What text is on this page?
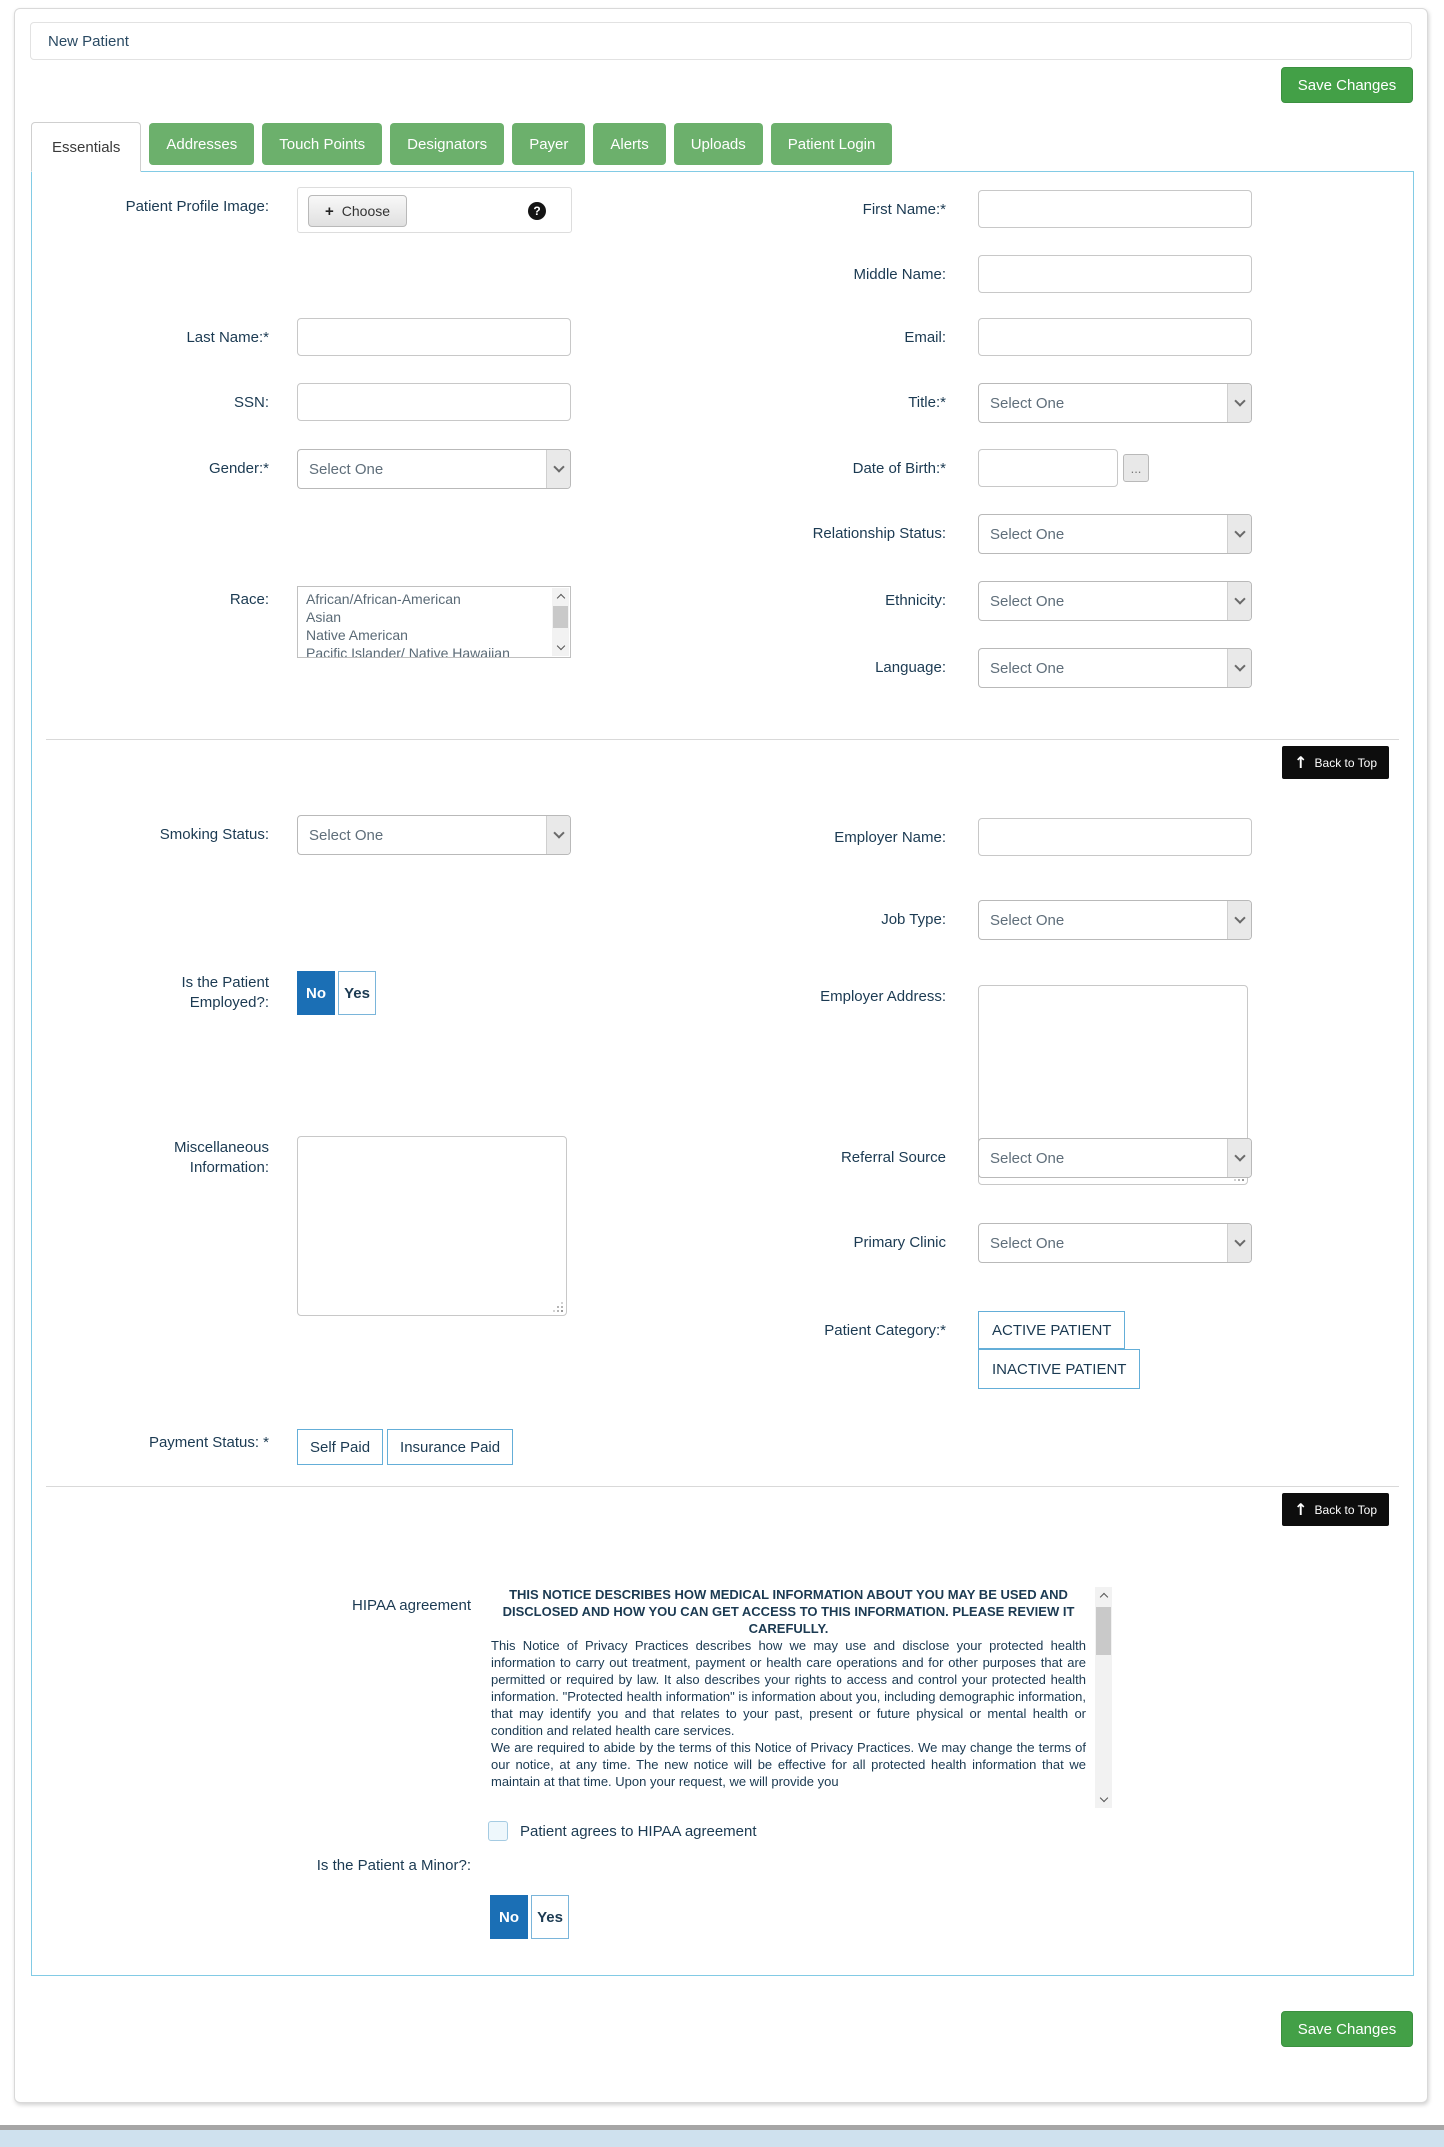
New Patient
Save Changes
Essentials	Addresses	Touch Points	Designators	Payer	Alerts	Uploads	Patient Login
Patient Profile Image:	+ Choose	?
Last Name:*
SSN:
Gender:*	Select One
Race:	African/African-American
Asian
Native American
Pacific Islander/ Native Hawaiian
First Name:*
Middle Name:
Email:
Title:*	Select One
Date of Birth:*	...
Relationship Status:	Select One
Ethnicity:	Select One
Language:	Select One
↑ Back to Top
Smoking Status:	Select One
Is the Patient Employed?:
No	Yes
Miscellaneous Information:
Payment Status: *	Self Paid	Insurance Paid
Employer Name:
Job Type:	Select One
Employer Address:
Referral Source	Select One
Primary Clinic	Select One
Patient Category:*	ACTIVE PATIENT
INACTIVE PATIENT
↑ Back to Top
HIPAA agreement

THIS NOTICE DESCRIBES HOW MEDICAL INFORMATION ABOUT YOU MAY BE USED AND DISCLOSED AND HOW YOU CAN GET ACCESS TO THIS INFORMATION. PLEASE REVIEW IT CAREFULLY.

This Notice of Privacy Practices describes how we may use and disclose your protected health information to carry out treatment, payment or health care operations and for other purposes that are permitted or required by law. It also describes your rights to access and control your protected health information. "Protected health information" is information about you, including demographic information, that may identify you and that relates to your past, present or future physical or mental health or condition and related health care services.

We are required to abide by the terms of this Notice of Privacy Practices. We may change the terms of our notice, at any time. The new notice will be effective for all protected health information that we maintain at that time. Upon your request, we will provide you

Patient agrees to HIPAA agreement
Is the Patient a Minor?:
No	Yes
Save Changes
